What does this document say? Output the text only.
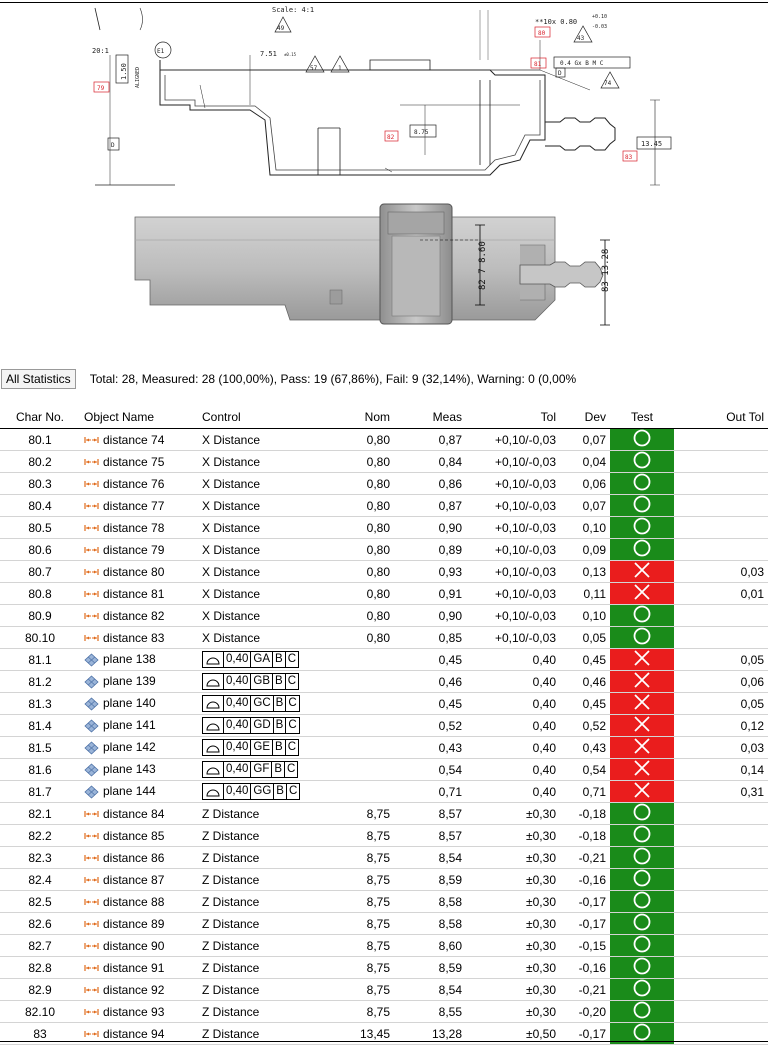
Scale: 4:1
49
20:1
1.50 ALIGNED
E1	7.51 ±0.15
57	1
79
D
**10x 0.80
+0.10
-0.03
80
43
81	0.4 Gx B M C
D
74
8.75
82
13.45
83
82 7 8.60	83 13.28
All Statistics	Total: 28, Measured: 28 (100,00%), Pass: 19 (67,86%), Fail: 9 (32,14%), Warning: 0 (0,00%
Char No.	Object Name	Control	Nom	Meas	Tol	Dev	Test	Out Tol
80.1	distance 74	X Distance	0,80	0,87	+0,10/-0,03	0,07		
80.2	distance 75	X Distance	0,80	0,84	+0,10/-0,03	0,04		
80.3	distance 76	X Distance	0,80	0,86	+0,10/-0,03	0,06		
80.4	distance 77	X Distance	0,80	0,87	+0,10/-0,03	0,07		
80.5	distance 78	X Distance	0,80	0,90	+0,10/-0,03	0,10		
80.6	distance 79	X Distance	0,80	0,89	+0,10/-0,03	0,09		
80.7	distance 80	X Distance	0,80	0,93	+0,10/-0,03	0,13		0,03
80.8	distance 81	X Distance	0,80	0,91	+0,10/-0,03	0,11		0,01
80.9	distance 82	X Distance	0,80	0,90	+0,10/-0,03	0,10		
80.10	distance 83	X Distance	0,80	0,85	+0,10/-0,03	0,05		
81.1	plane 138	0,40 GA B C		0,45	0,40	0,45		0,05
81.2	plane 139	0,40 GB B C		0,46	0,40	0,46		0,06
81.3	plane 140	0,40 GC B C		0,45	0,40	0,45		0,05
81.4	plane 141	0,40 GD B C		0,52	0,40	0,52		0,12
81.5	plane 142	0,40 GE B C		0,43	0,40	0,43		0,03
81.6	plane 143	0,40 GF B C		0,54	0,40	0,54		0,14
81.7	plane 144	0,40 GG B C		0,71	0,40	0,71		0,31
82.1	distance 84	Z Distance	8,75	8,57	±0,30	-0,18		
82.2	distance 85	Z Distance	8,75	8,57	±0,30	-0,18		
82.3	distance 86	Z Distance	8,75	8,54	±0,30	-0,21		
82.4	distance 87	Z Distance	8,75	8,59	±0,30	-0,16		
82.5	distance 88	Z Distance	8,75	8,58	±0,30	-0,17		
82.6	distance 89	Z Distance	8,75	8,58	±0,30	-0,17		
82.7	distance 90	Z Distance	8,75	8,60	±0,30	-0,15		
82.8	distance 91	Z Distance	8,75	8,59	±0,30	-0,16		
82.9	distance 92	Z Distance	8,75	8,54	±0,30	-0,21		
82.10	distance 93	Z Distance	8,75	8,55	±0,30	-0,20		
83	distance 94	Z Distance	13,45	13,28	±0,50	-0,17		
